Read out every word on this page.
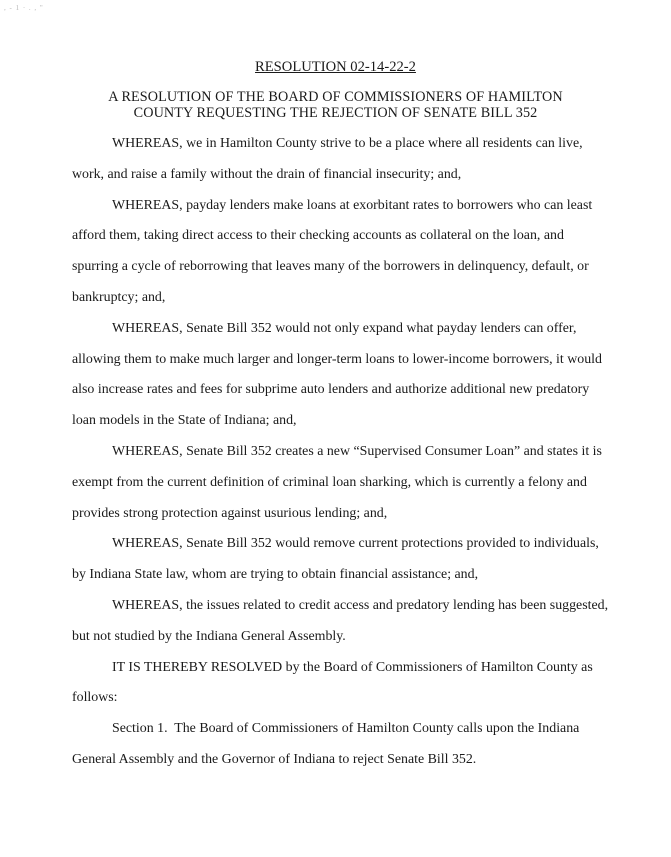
, - 1 · . , "
RESOLUTION 02-14-22-2
A RESOLUTION OF THE BOARD OF COMMISSIONERS OF HAMILTON
COUNTY REQUESTING THE REJECTION OF SENATE BILL 352

WHEREAS, we in Hamilton County strive to be a place where all residents can live,
work, and raise a family without the drain of financial insecurity; and,

WHEREAS, payday lenders make loans at exorbitant rates to borrowers who can least
afford them, taking direct access to their checking accounts as collateral on the loan, and
spurring a cycle of reborrowing that leaves many of the borrowers in delinquency, default, or
bankruptcy; and,

WHEREAS, Senate Bill 352 would not only expand what payday lenders can offer,
allowing them to make much larger and longer-term loans to lower-income borrowers, it would
also increase rates and fees for subprime auto lenders and authorize additional new predatory
loan models in the State of Indiana; and,

WHEREAS, Senate Bill 352 creates a new “Supervised Consumer Loan” and states it is
exempt from the current definition of criminal loan sharking, which is currently a felony and
provides strong protection against usurious lending; and,

WHEREAS, Senate Bill 352 would remove current protections provided to individuals,
by Indiana State law, whom are trying to obtain financial assistance; and,

WHEREAS, the issues related to credit access and predatory lending has been suggested,
but not studied by the Indiana General Assembly.

IT IS THEREBY RESOLVED by the Board of Commissioners of Hamilton County as
follows:

Section 1.  The Board of Commissioners of Hamilton County calls upon the Indiana
General Assembly and the Governor of Indiana to reject Senate Bill 352.
